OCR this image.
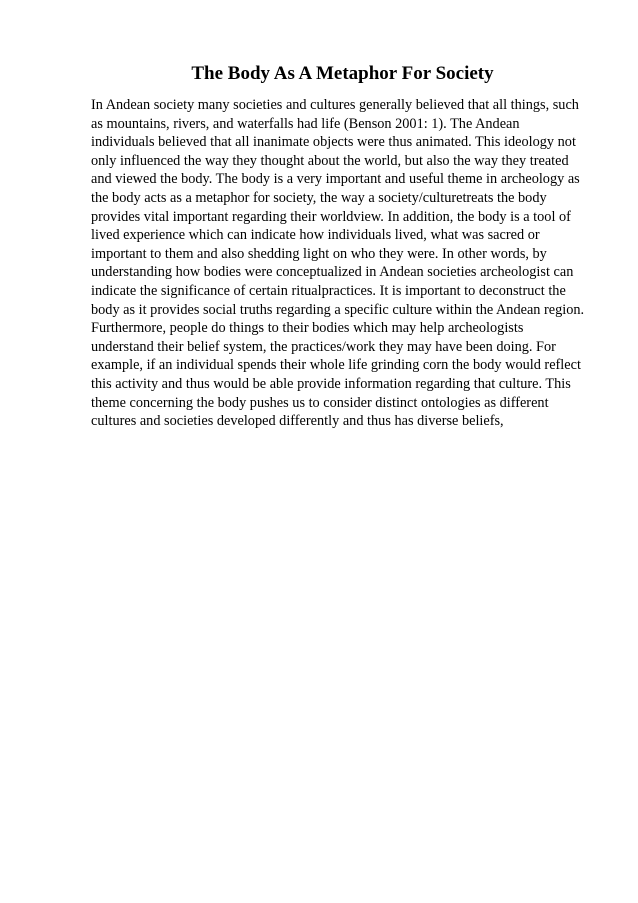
The Body As A Metaphor For Society
In Andean society many societies and cultures generally believed that all things, such
as mountains, rivers, and waterfalls had life (Benson 2001: 1). The Andean
individuals believed that all inanimate objects were thus animated. This ideology not
only influenced the way they thought about the world, but also the way they treated
and viewed the body. The body is a very important and useful theme in archeology as
the body acts as a metaphor for society, the way a society/culturetreats the body
provides vital important regarding their worldview. In addition, the body is a tool of
lived experience which can indicate how individuals lived, what was sacred or
important to them and also shedding light on who they were. In other words, by
understanding how bodies were conceptualized in Andean societies archeologist can
indicate the significance of certain ritualpractices. It is important to deconstruct the
body as it provides social truths regarding a specific culture within the Andean region.
Furthermore, people do things to their bodies which may help archeologists
understand their belief system, the practices/work they may have been doing. For
example, if an individual spends their whole life grinding corn the body would reflect
this activity and thus would be able provide information regarding that culture. This
theme concerning the body pushes us to consider distinct ontologies as different
cultures and societies developed differently and thus has diverse beliefs,
